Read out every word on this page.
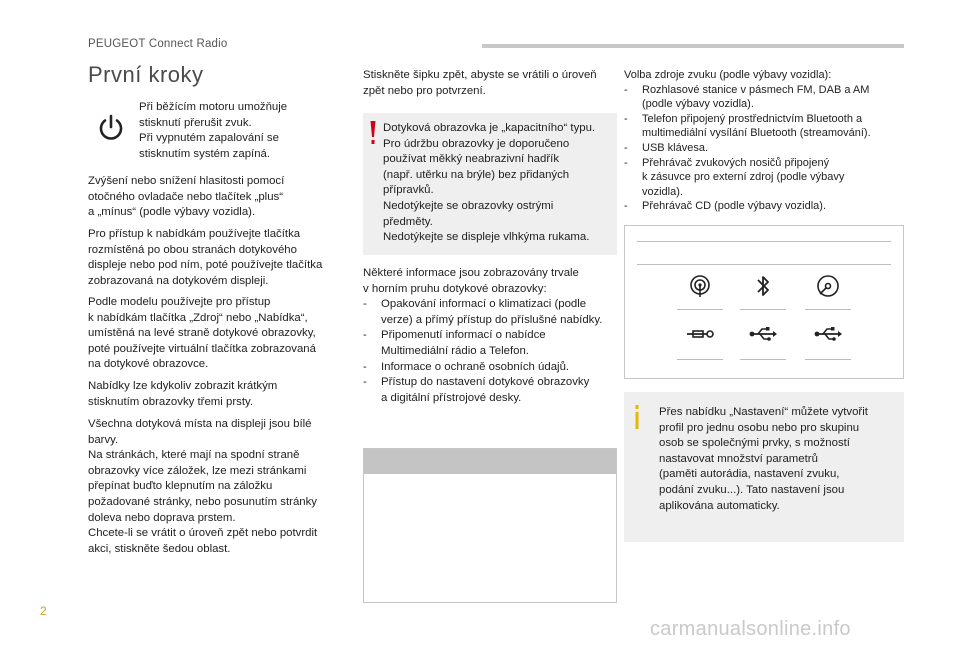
PEUGEOT Connect Radio
První kroky

Při běžícím motoru umožňuje

stisknutí přerušit zvuk.

Při vypnutém zapalování se

stisknutím systém zapíná.

Zvýšení nebo snížení hlasitosti pomocí

otočného ovladače nebo tlačítek „plus“

a „mínus“ (podle výbavy vozidla).

Pro přístup k nabídkám používejte tlačítka

rozmístěná po obou stranách dotykového

displeje nebo pod ním, poté používejte tlačítka

zobrazovaná na dotykovém displeji.

Podle modelu používejte pro přístup

k nabídkám tlačítka „Zdroj“ nebo „Nabídka“,

umístěná na levé straně dotykové obrazovky,

poté používejte virtuální tlačítka zobrazovaná

na dotykové obrazovce.

Nabídky lze kdykoliv zobrazit krátkým

stisknutím obrazovky třemi prsty.

Všechna dotyková místa na displeji jsou bílé

barvy.

Na stránkách, které mají na spodní straně

obrazovky více záložek, lze mezi stránkami

přepínat buďto klepnutím na záložku

požadované stránky, nebo posunutím stránky

doleva nebo doprava prstem.

Chcete-li se vrátit o úroveň zpět nebo potvrdit

akci, stiskněte šedou oblast.

Stiskněte šipku zpět, abyste se vrátili o úroveň

zpět nebo pro potvrzení.

Dotyková obrazovka je „kapacitního“ typu.

Pro údržbu obrazovky je doporučeno

používat měkký neabrazivní hadřík

(např. utěrku na brýle) bez přidaných

přípravků.

Nedotýkejte se obrazovky ostrými

předměty.

Nedotýkejte se displeje vlhkýma rukama.

Některé informace jsou zobrazovány trvale

v horním pruhu dotykové obrazovky:

- Opakování informací o klimatizaci (podle
verze) a přímý přístup do příslušné nabídky.
- Připomenutí informací o nabídce
Multimediální rádio a Telefon.
- Informace o ochraně osobních údajů.
- Přístup do nastavení dotykové obrazovky
a digitální přístrojové desky.

Volba zdroje zvuku (podle výbavy vozidla):

- Rozhlasové stanice v pásmech FM, DAB a AM
(podle výbavy vozidla).
- Telefon připojený prostřednictvím Bluetooth a
multimediální vysílání Bluetooth (streamování).
- USB klávesa.
- Přehrávač zvukových nosičů připojený
k zásuvce pro externí zdroj (podle výbavy
vozidla).
- Přehrávač CD (podle výbavy vozidla).

Přes nabídku „Nastavení“ můžete vytvořit

profil pro jednu osobu nebo pro skupinu

osob se společnými prvky, s možností

nastavovat množství parametrů

(paměti autorádia, nastavení zvuku,

podání zvuku...). Tato nastavení jsou

aplikována automaticky.

2
carmanualsonline.info
